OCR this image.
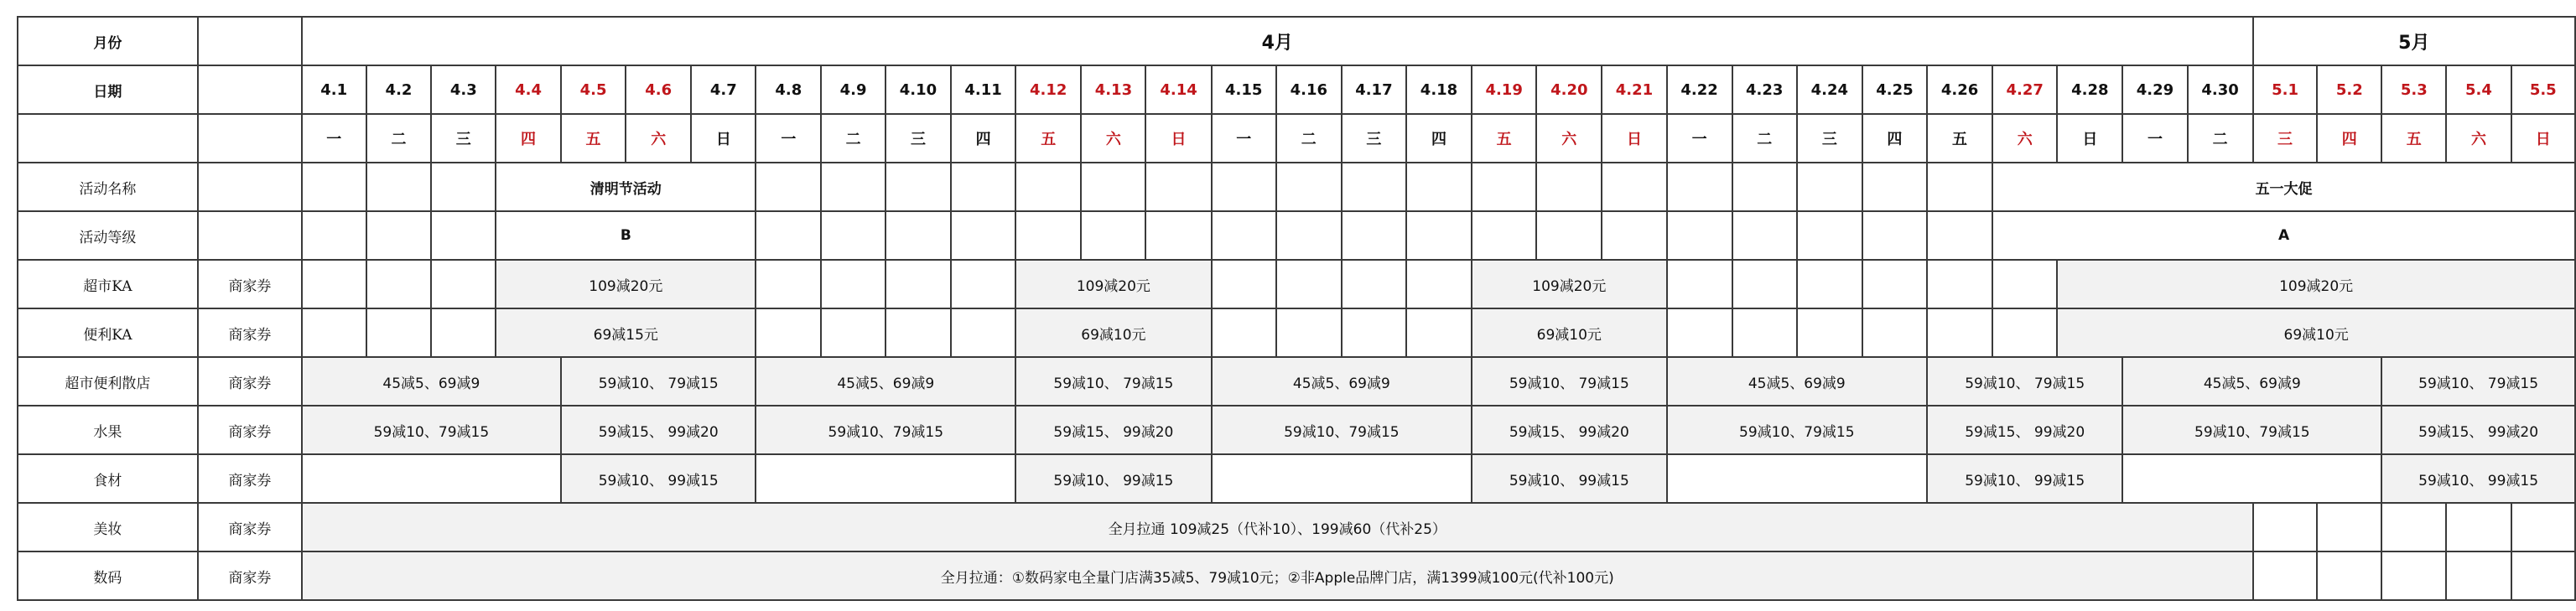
月份		4月																														5月				
日期		4.1	4.2	4.3	4.4	4.5	4.6	4.7	4.8	4.9	4.10	4.11	4.12	4.13	4.14	4.15	4.16	4.17	4.18	4.19	4.20	4.21	4.22	4.23	4.24	4.25	4.26	4.27	4.28	4.29	4.30	5.1	5.2	5.3	5.4	5.5
		一	二	三	四	五	六	日	一	二	三	四	五	六	日	一	二	三	四	五	六	日	一	二	三	四	五	六	日	一	二	三	四	五	六	日
活动名称					清明节活动																							五一大促								
活动等级					B																							A								
超市KA	商家券				109减20元								109减20元							109减20元									109减20元							
便利KA	商家券				69减15元								69减10元							69减10元									69减10元							
超市便利散店	商家券	45减5、69减9				59减10、 79减15			45减5、69减9				59减10、 79减15			45减5、69减9				59减10、 79减15			45减5、69减9				59减10、 79减15			45减5、69减9				59减10、 79减15		
水果	商家券	59减10、79减15				59减15、 99减20			59减10、79减15				59减15、 99减20			59减10、79减15				59减15、 99减20			59减10、79减15				59减15、 99减20			59减10、79减15				59减15、 99减20		
食材	商家券					59减10、 99减15							59减10、 99减15							59减10、 99减15							59减10、 99减15							59减10、 99减15		
美妆	商家券	全月拉通 109减25（代补10）、199减60（代补25）																																		
数码	商家券	全月拉通：①数码家电全量门店满35减5、79减10元；②非Apple品牌门店，满1399减100元(代补100元)																																		
